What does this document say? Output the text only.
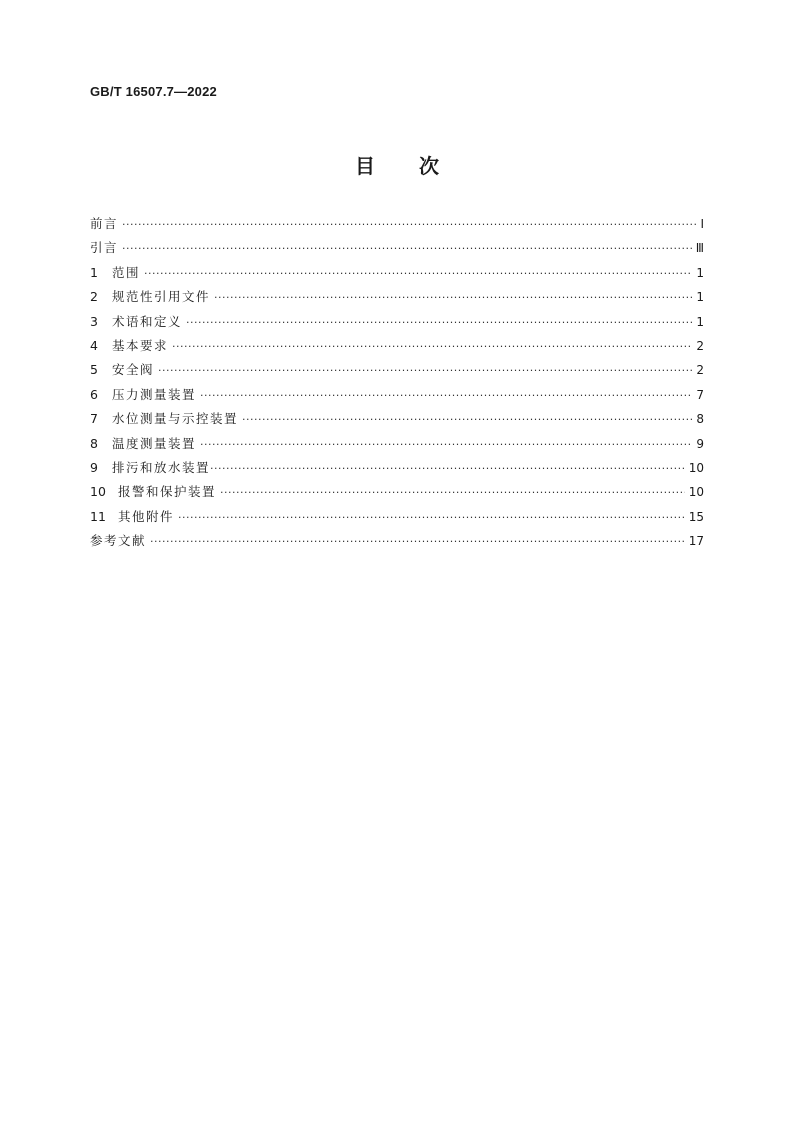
GB/T 16507.7—2022
目 次
前言 ·····	Ⅰ
引言 ·····	Ⅲ
1	范围 ·····	1
2	规范性引用文件 ·····	1
3	术语和定义 ·····	1
4	基本要求 ·····	2
5	安全阀 ·····	2
6	压力测量装置 ·····	7
7	水位测量与示控装置 ·····	8
8	温度测量装置 ·····	9
9	排污和放水装置 ·····	10
10 报警和保护装置 ·····	10
11 其他附件 ·····	15
参考文献 ·····	17
